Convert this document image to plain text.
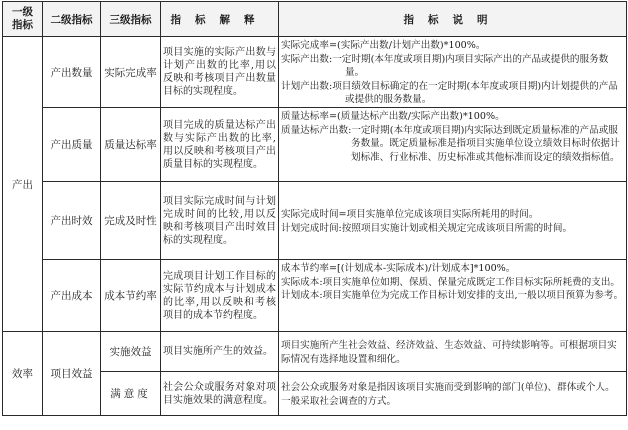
一级
指标	二级指标	三级指标	指标解释	指标说明
产出	产出数量	实际完成率	项目实施的实际产出数与计划产出数的比率,用以反映和考核项目产出数量目标的实现程度。	实际完成率=(实际产出数/计划产出数)*100%。
实际产出数:一定时期(本年度或项目期)内项目实际产出的产品或提供的服务数量。
计划产出数:项目绩效目标确定的在一定时期(本年度或项目期)内计划提供的产品或提供的服务数量。

	产出质量	质量达标率	项目完成的质量达标产出数与实际产出数的比率,用以反映和考核项目产出质量目标的实现程度。	质量达标率=(质量达标产出数/实际产出数)*100%。
质量达标产出数:一定时期(本年度或项目期)内实际达到既定质量标准的产品或服务数量。既定质量标准是指项目实施单位设立绩效目标时依据计划标准、行业标准、历史标准或其他标准而设定的绩效指标值。

	产出时效	完成及时性	项目实际完成时间与计划完成时间的比较,用以反映和考核项目产出时效目标的实现程度。	实际完成时间=项目实施单位完成该项目实际所耗用的时间。
计划完成时间:按照项目实施计划或相关规定完成该项目所需的时间。

	产出成本	成本节约率	完成项目计划工作目标的实际节约成本与计划成本的比率,用以反映和考核项目的成本节约程度。	成本节约率=[(计划成本-实际成本)/计划成本]*100%。
实际成本:项目实施单位如期、保质、保量完成既定工作目标实际所耗费的支出。
计划成本:项目实施单位为完成工作目标计划安排的支出,一般以项目预算为参考。

效率	项目效益	实施效益	项目实施所产生的效益。	项目实施所产生社会效益、经济效益、生态效益、可持续影响等。可根据项目实际情况有选择地设置和细化。

		满意度	社会公众或服务对象对项目实施效果的满意程度。	社会公众或服务对象是指因该项目实施而受到影响的部门(单位)、群体或个人。一般采取社会调查的方式。
